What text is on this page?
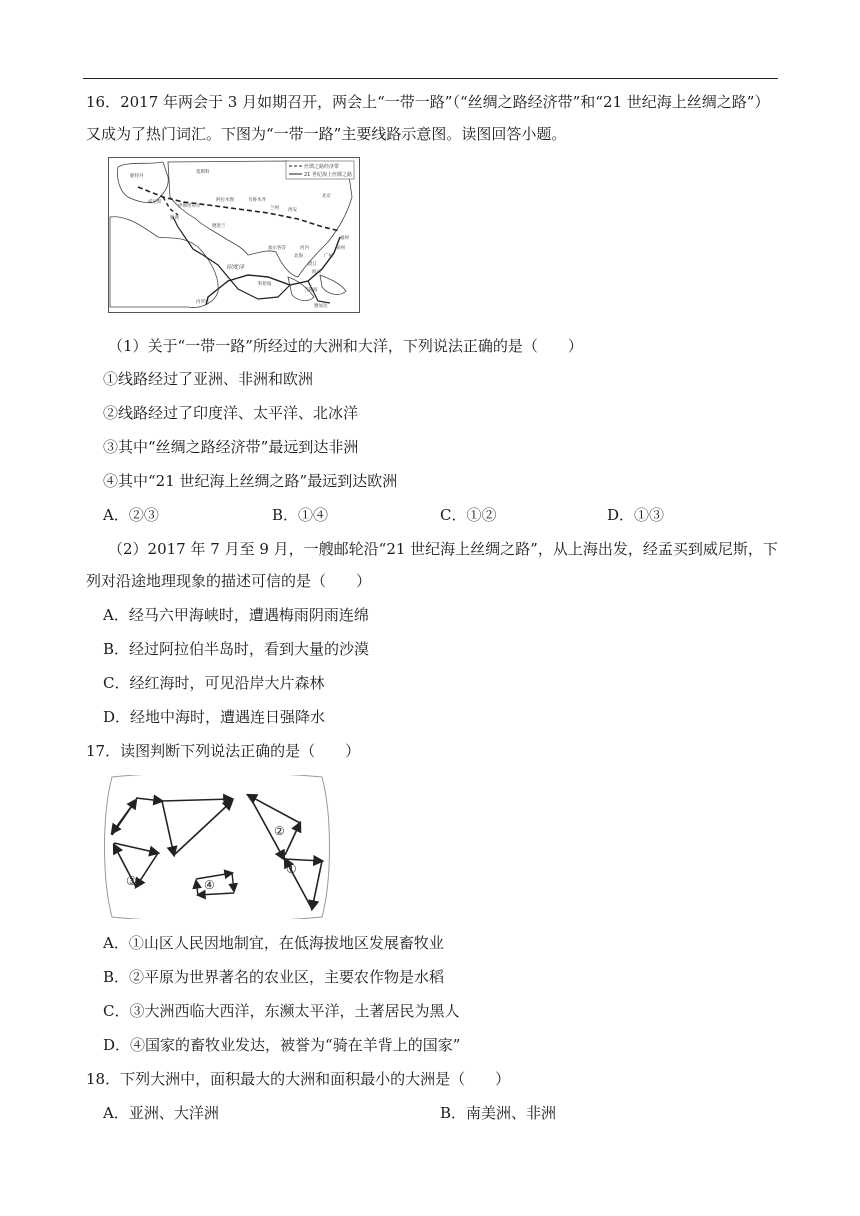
16．2017 年两会于 3 月如期召开，两会上“一带一路”（“丝绸之路经济带”和“21 世纪海上丝绸之路”）
又成为了热门词汇。下图为“一带一路”主要线路示意图。读图回答小题。
丝绸之路经济带
21 世纪海上丝绸之路
鹿特丹
莫斯科
威尼斯
雅典
伊斯坦布尔
阿拉木图	乌鲁木齐
西安
兰州
北京
福州
泉州
广州
湛江
海口
北海
河内
吉隆坡
雅加达
科伦坡
加尔各答
德黑兰
内罗毕
印度洋
（1）关于“一带一路”所经过的大洲和大洋，下列说法正确的是（　　）
①线路经过了亚洲、非洲和欧洲
②线路经过了印度洋、太平洋、北冰洋
③其中“丝绸之路经济带”最远到达非洲
④其中“21 世纪海上丝绸之路”最远到达欧洲
A．②③	B．①④	C．①②	D．①③
（2）2017 年 7 月至 9 月，一艘邮轮沿“21 世纪海上丝绸之路”，从上海出发，经孟买到威尼斯，下
列对沿途地理现象的描述可信的是（　　）
A．经马六甲海峡时，遭遇梅雨阴雨连绵
B．经过阿拉伯半岛时，看到大量的沙漠
C．经红海时，可见沿岸大片森林
D．经地中海时，遭遇连日强降水
17．读图判断下列说法正确的是（　　）
②
①
③	④
A．①山区人民因地制宜，在低海拔地区发展畜牧业
B．②平原为世界著名的农业区，主要农作物是水稻
C．③大洲西临大西洋，东濒太平洋，土著居民为黑人
D．④国家的畜牧业发达，被誉为“骑在羊背上的国家”
18．下列大洲中，面积最大的大洲和面积最小的大洲是（　　）
A．亚洲、大洋洲	B．南美洲、非洲
